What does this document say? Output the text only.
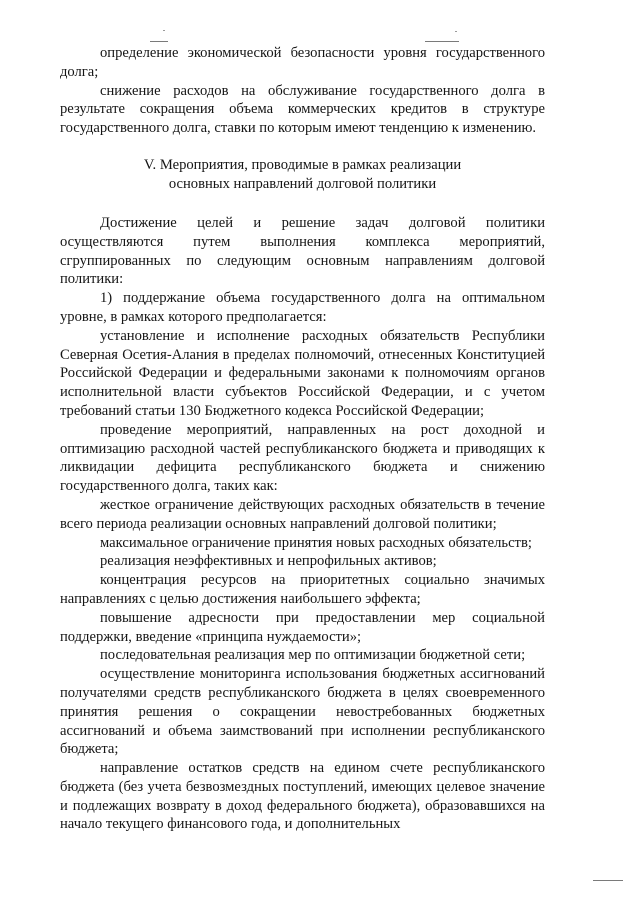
определение экономической безопасности уровня государственного долга;

снижение расходов на обслуживание государственного долга в результате сокращения объема коммерческих кредитов в структуре государственного долга, ставки по которым имеют тенденцию к изменению.

V. Мероприятия, проводимые в рамках реализации
основных направлений долговой политики

Достижение целей и решение задач долговой политики осуществляются путем выполнения комплекса мероприятий, сгруппированных по следующим основным направлениям долговой политики:

1) поддержание объема государственного долга на оптимальном уровне, в рамках которого предполагается:

установление и исполнение расходных обязательств Республики Северная Осетия-Алания в пределах полномочий, отнесенных Конституцией Российской Федерации и федеральными законами к полномочиям органов исполнительной власти субъектов Российской Федерации, и с учетом требований статьи 130 Бюджетного кодекса Российской Федерации;

проведение мероприятий, направленных на рост доходной и оптимизацию расходной частей республиканского бюджета и приводящих к ликвидации дефицита республиканского бюджета и снижению государственного долга, таких как:

жесткое ограничение действующих расходных обязательств в течение всего периода реализации основных направлений долговой политики;

максимальное ограничение принятия новых расходных обязательств;

реализация неэффективных и непрофильных активов;

концентрация ресурсов на приоритетных социально значимых направлениях с целью достижения наибольшего эффекта;

повышение адресности при предоставлении мер социальной поддержки, введение «принципа нуждаемости»;

последовательная реализация мер по оптимизации бюджетной сети;

осуществление мониторинга использования бюджетных ассигнований получателями средств республиканского бюджета в целях своевременного принятия решения о сокращении невостребованных бюджетных ассигнований и объема заимствований при исполнении республиканского бюджета;

направление остатков средств на едином счете республиканского бюджета (без учета безвозмездных поступлений, имеющих целевое значение и подлежащих возврату в доход федерального бюджета), образовавшихся на начало текущего финансового года, и дополнительных
